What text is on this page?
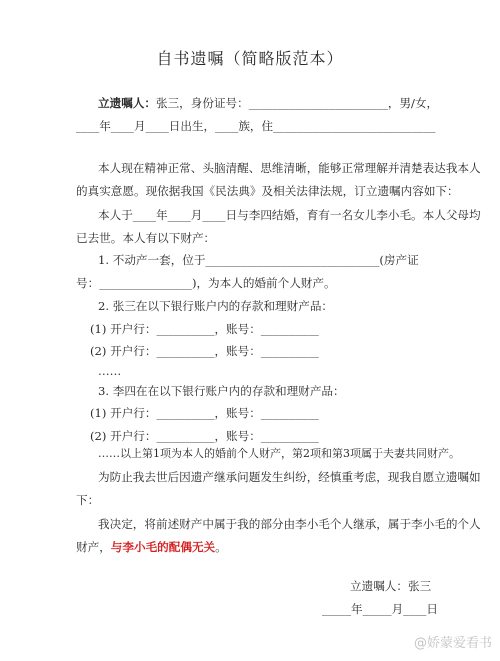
自书遗嘱（简略版范本）
立遗嘱人：张三，身份证号：________________________，男/女，
____年____月____日出生，____族，住____________________________
本人现在精神正常、头脑清醒、思维清晰，能够正常理解并清楚表达我本人
的真实意愿。现依据我国《民法典》及相关法律法规，订立遗嘱内容如下：
本人于____年____月____日与李四结婚，育有一名女儿李小毛。本人父母均
已去世。本人有以下财产：
1. 不动产一套，位于______________________________(房产证
号：________________)，为本人的婚前个人财产。
2. 张三在以下银行账户内的存款和理财产品：
(1) 开户行：__________，账号：__________
(2) 开户行：__________，账号：__________
……
3. 李四在在以下银行账户内的存款和理财产品：
(1) 开户行：__________，账号：__________
(2) 开户行：__________，账号：__________
……以上第1项为本人的婚前个人财产，第2项和第3项属于夫妻共同财产。
为防止我去世后因遗产继承问题发生纠纷，经慎重考虑，现我自愿立遗嘱如
下：
我决定，将前述财产中属于我的部分由李小毛个人继承，属于李小毛的个人
财产，与李小毛的配偶无关。
立遗嘱人：张三
_____年_____月____日
@娇蒙爱看书
